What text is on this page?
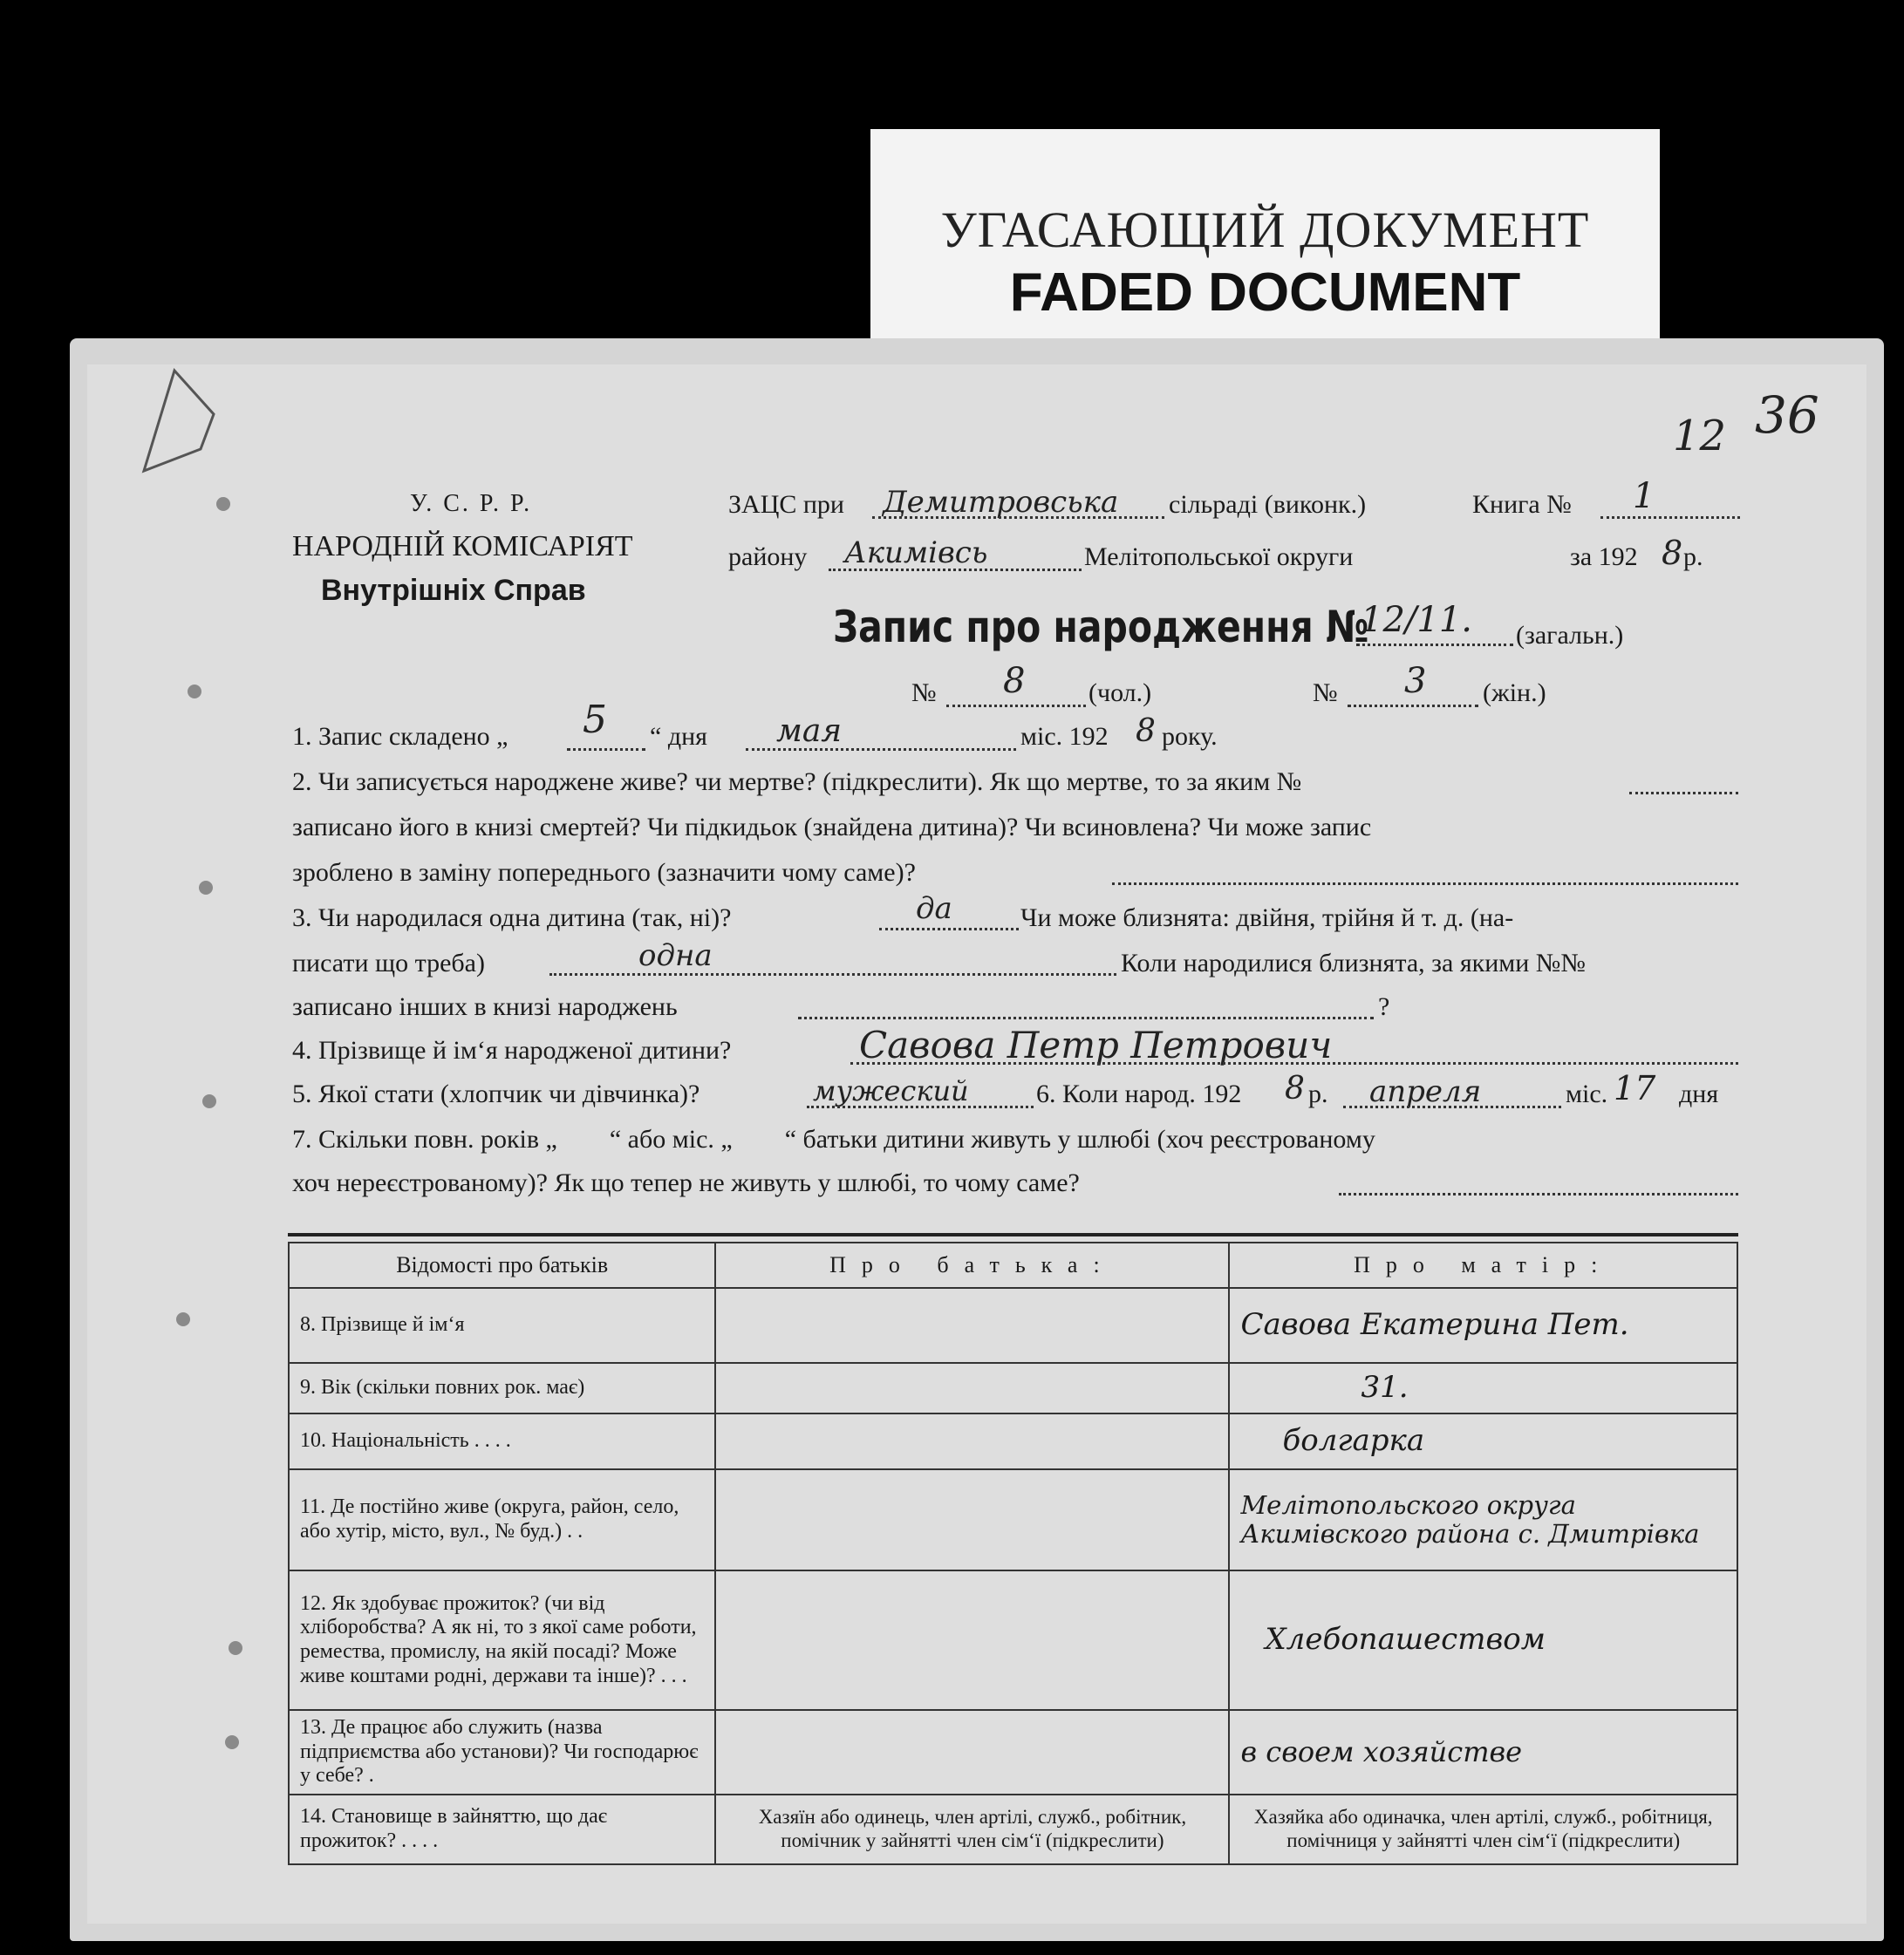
УГАСАЮЩИЙ ДОКУМЕНТ
FADED DOCUMENT
12 36
У. С. Р. Р.
НАРОДНІЙ КОМІСАРІЯТ
Внутрішніх Справ
ЗАЦС при Демитровська сільраді (виконк.)	Книга № 1
району Акимівсь	Мелітопольської округи	за 192 8 р.
Запис про народження №
12/11. (загальн.)
№ 8 (чол.)	№ 3 (жін.)
1. Запис складено „ 5 “ дня мая	міс. 192 8 року.
2. Чи записується народжене живе? чи мертве? (підкреслити). Як що мертве, то за яким №
записано його в книзі смертей? Чи підкидьок (знайдена дитина)? Чи всиновлена? Чи може запис
зроблено в заміну попереднього (зазначити чому саме)?
3. Чи народилася одна дитина (так, ні)?	да	Чи може близнята: двійня, трійня й т. д. (на-
писати що треба)	одна	Коли народилися близнята, за якими №№
записано інших в книзі народжень	?
4. Прізвище й ім‘я народженої дитини?	Савова Петр Петрович
5. Якої стати (хлопчик чи дівчинка)?	мужеский	6. Коли народ. 192 8 р. апреля	міс. 17 дня
7. Скільки повн. років „        “ або міс. „        “ батьки дитини живуть у шлюбі (хоч реєстрованому
хоч нереєстрованому)? Як що тепер не живуть у шлюбі, то чому саме?
Відомості про батьків	Про батька:	Про матір:
8. Прізвище й ім‘я		Савова Екатерина Пет.
9. Вік (скільки повних рок. має)		31.
10. Національність . . . .		болгарка
11. Де постійно живе (округа, район, село, або хутір, місто, вул., № буд.) . .		Мелітопольского округа Акимівского района с. Дмитрівка
12. Як здобуває прожиток? (чи від хліборобства? А як ні, то з якої саме роботи, ремества, промислу, на якій посаді? Може живе коштами родні, держави та інше)? . . .		Хлебопашеством
13. Де працює або служить (назва підприємства або установи)? Чи господарює у себе? .		в своем хозяйстве
14. Становище в зайняттю, що дає прожиток? . . . .	Хазяїн або одинець, член артілі, служб., робітник, помічник у зайнятті член сім‘ї (підкреслити)	Хазяйка або одиначка, член артілі, служб., робітниця, помічниця у зайнятті член сім‘ї (підкреслити)
